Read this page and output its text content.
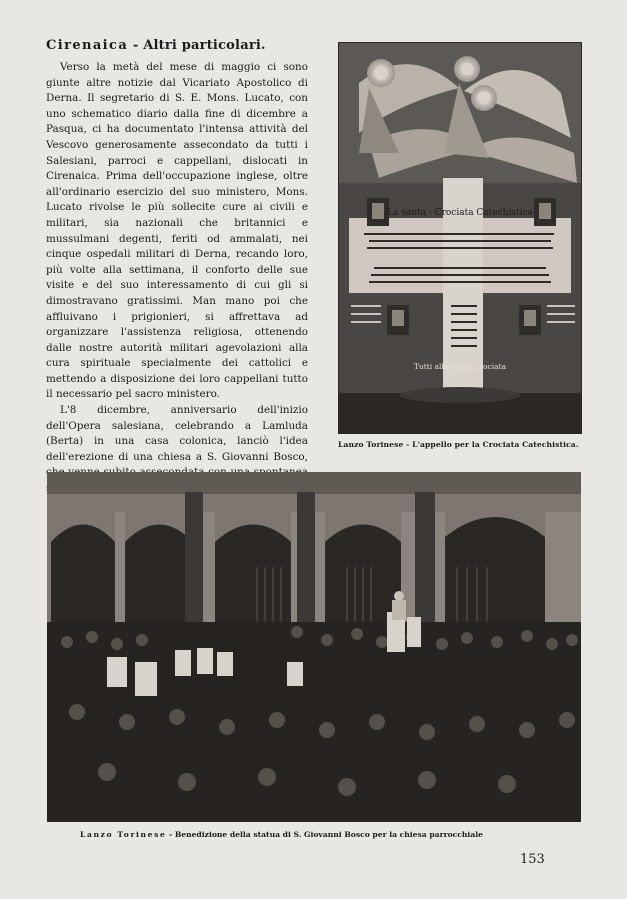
Cirenaica - Altri particolari.

Verso la metà del mese di maggio ci sono giunte altre notizie dal Vicariato Apostolico di Derna. Il segretario di S. E. Mons. Lucato, con uno schematico diario dalla fine di dicembre a Pasqua, ci ha documentato l'intensa attività del Vescovo generosamente assecondato da tutti i Salesiani, parroci e cappellani, dislocati in Cirenaica. Prima dell'occupazione inglese, oltre all'ordinario esercizio del suo ministero, Mons. Lucato rivolse le più sollecite cure ai civili e militari, sia nazionali che britannici e mussulmani degenti, feriti od ammalati, nei cinque ospedali militari di Derna, recando loro, più volte alla settimana, il conforto delle sue visite e del suo interessamento di cui gli si dimostravano gratissimi. Man mano poi che affluivano i prigionieri, si affrettava ad organizzare l'assistenza religiosa, ottenendo dalle nostre autorità militari agevolazioni alla cura spirituale specialmente dei cattolici e mettendo a disposizione dei loro cappellani tutto il necessario pel sacro ministero.

L'8 dicembre, anniversario dell'inizio dell'Opera salesiana, celebrando a Lamluda (Berta) in una casa colonica, lanciò l'idea dell'erezione di una chiesa a S. Giovanni Bosco,

La santa · Crociata Catechistica
Tutti alla santa Crociata
Lanzo Torinese - L'appello per la Crociata Catechistica.
Lanzo Torinese - Benedizione della statua di S. Giovanni Bosco per la chiesa parrocchiale
153
